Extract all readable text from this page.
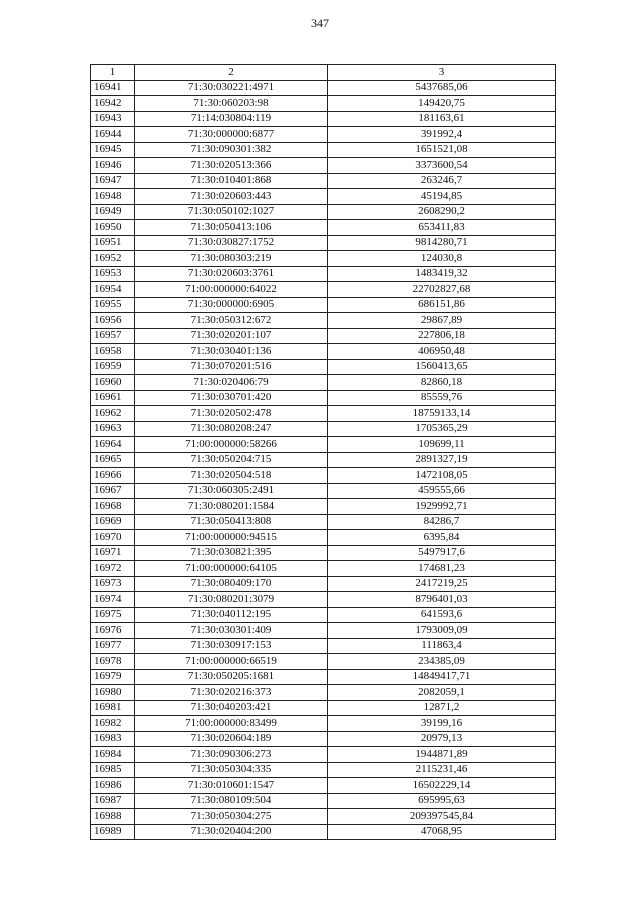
347
1	2	3
16941	71:30:030221:4971	5437685,06
16942	71:30:060203:98	149420,75
16943	71:14:030804:119	181163,61
16944	71:30:000000:6877	391992,4
16945	71:30:090301:382	1651521,08
16946	71:30:020513:366	3373600,54
16947	71:30:010401:868	263246,7
16948	71:30:020603:443	45194,85
16949	71:30:050102:1027	2608290,2
16950	71:30:050413:106	653411,83
16951	71:30:030827:1752	9814280,71
16952	71:30:080303:219	124030,8
16953	71:30:020603:3761	1483419,32
16954	71:00:000000:64022	22702827,68
16955	71:30:000000:6905	686151,86
16956	71:30:050312:672	29867,89
16957	71:30:020201:107	227806,18
16958	71:30:030401:136	406950,48
16959	71:30:070201:516	1560413,65
16960	71:30:020406:79	82860,18
16961	71:30:030701:420	85559,76
16962	71:30:020502:478	18759133,14
16963	71:30:080208:247	1705365,29
16964	71:00:000000:58266	109699,11
16965	71:30:050204:715	2891327,19
16966	71:30:020504:518	1472108,05
16967	71:30:060305:2491	459555,66
16968	71:30:080201:1584	1929992,71
16969	71:30:050413:808	84286,7
16970	71:00:000000:94515	6395,84
16971	71:30:030821:395	5497917,6
16972	71:00:000000:64105	174681,23
16973	71:30:080409:170	2417219,25
16974	71:30:080201:3079	8796401,03
16975	71:30:040112:195	641593,6
16976	71:30:030301:409	1793009,09
16977	71:30:030917:153	111863,4
16978	71:00:000000:66519	234385,09
16979	71:30:050205:1681	14849417,71
16980	71:30:020216:373	2082059,1
16981	71:30:040203:421	12871,2
16982	71:00:000000:83499	39199,16
16983	71:30:020604:189	20979,13
16984	71:30:090306:273	1944871,89
16985	71:30:050304:335	2115231,46
16986	71:30:010601:1547	16502229,14
16987	71:30:080109:504	695995,63
16988	71:30:050304:275	209397545,84
16989	71:30:020404:200	47068,95
